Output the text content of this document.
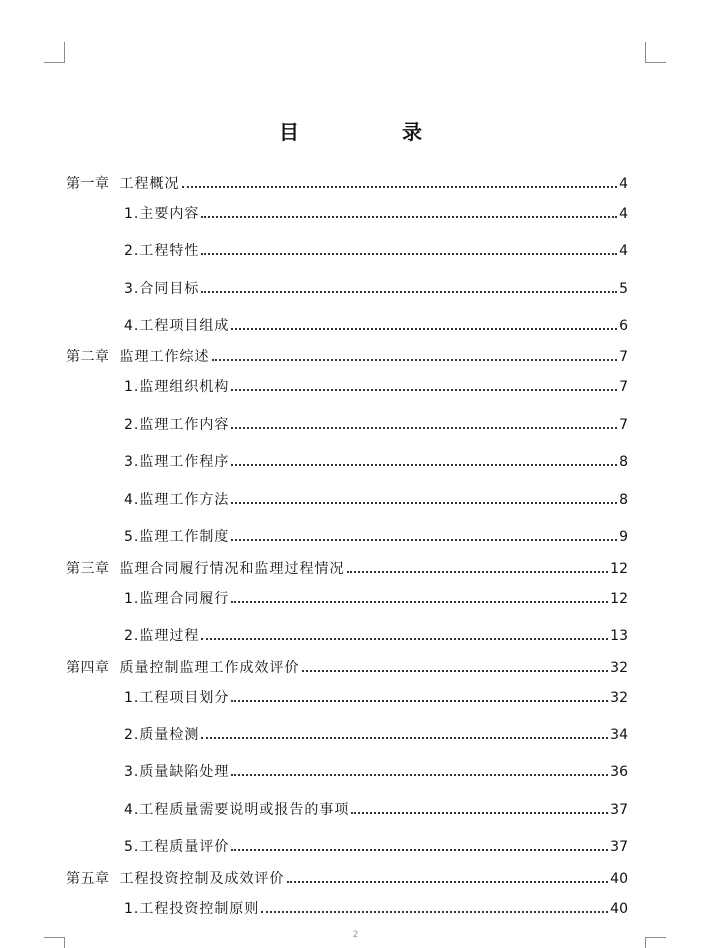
目 录
第一章 工程概况	4
1.主要内容	4
2.工程特性	4
3.合同目标	5
4.工程项目组成	6
第二章 监理工作综述	7
1.监理组织机构	7
2.监理工作内容	7
3.监理工作程序	8
4.监理工作方法	8
5.监理工作制度	9
第三章 监理合同履行情况和监理过程情况	12
1.监理合同履行	12
2.监理过程	13
第四章 质量控制监理工作成效评价	32
1.工程项目划分	32
2.质量检测	34
3.质量缺陷处理	36
4.工程质量需要说明或报告的事项	37
5.工程质量评价	37
第五章 工程投资控制及成效评价	40
1.工程投资控制原则	40
2
